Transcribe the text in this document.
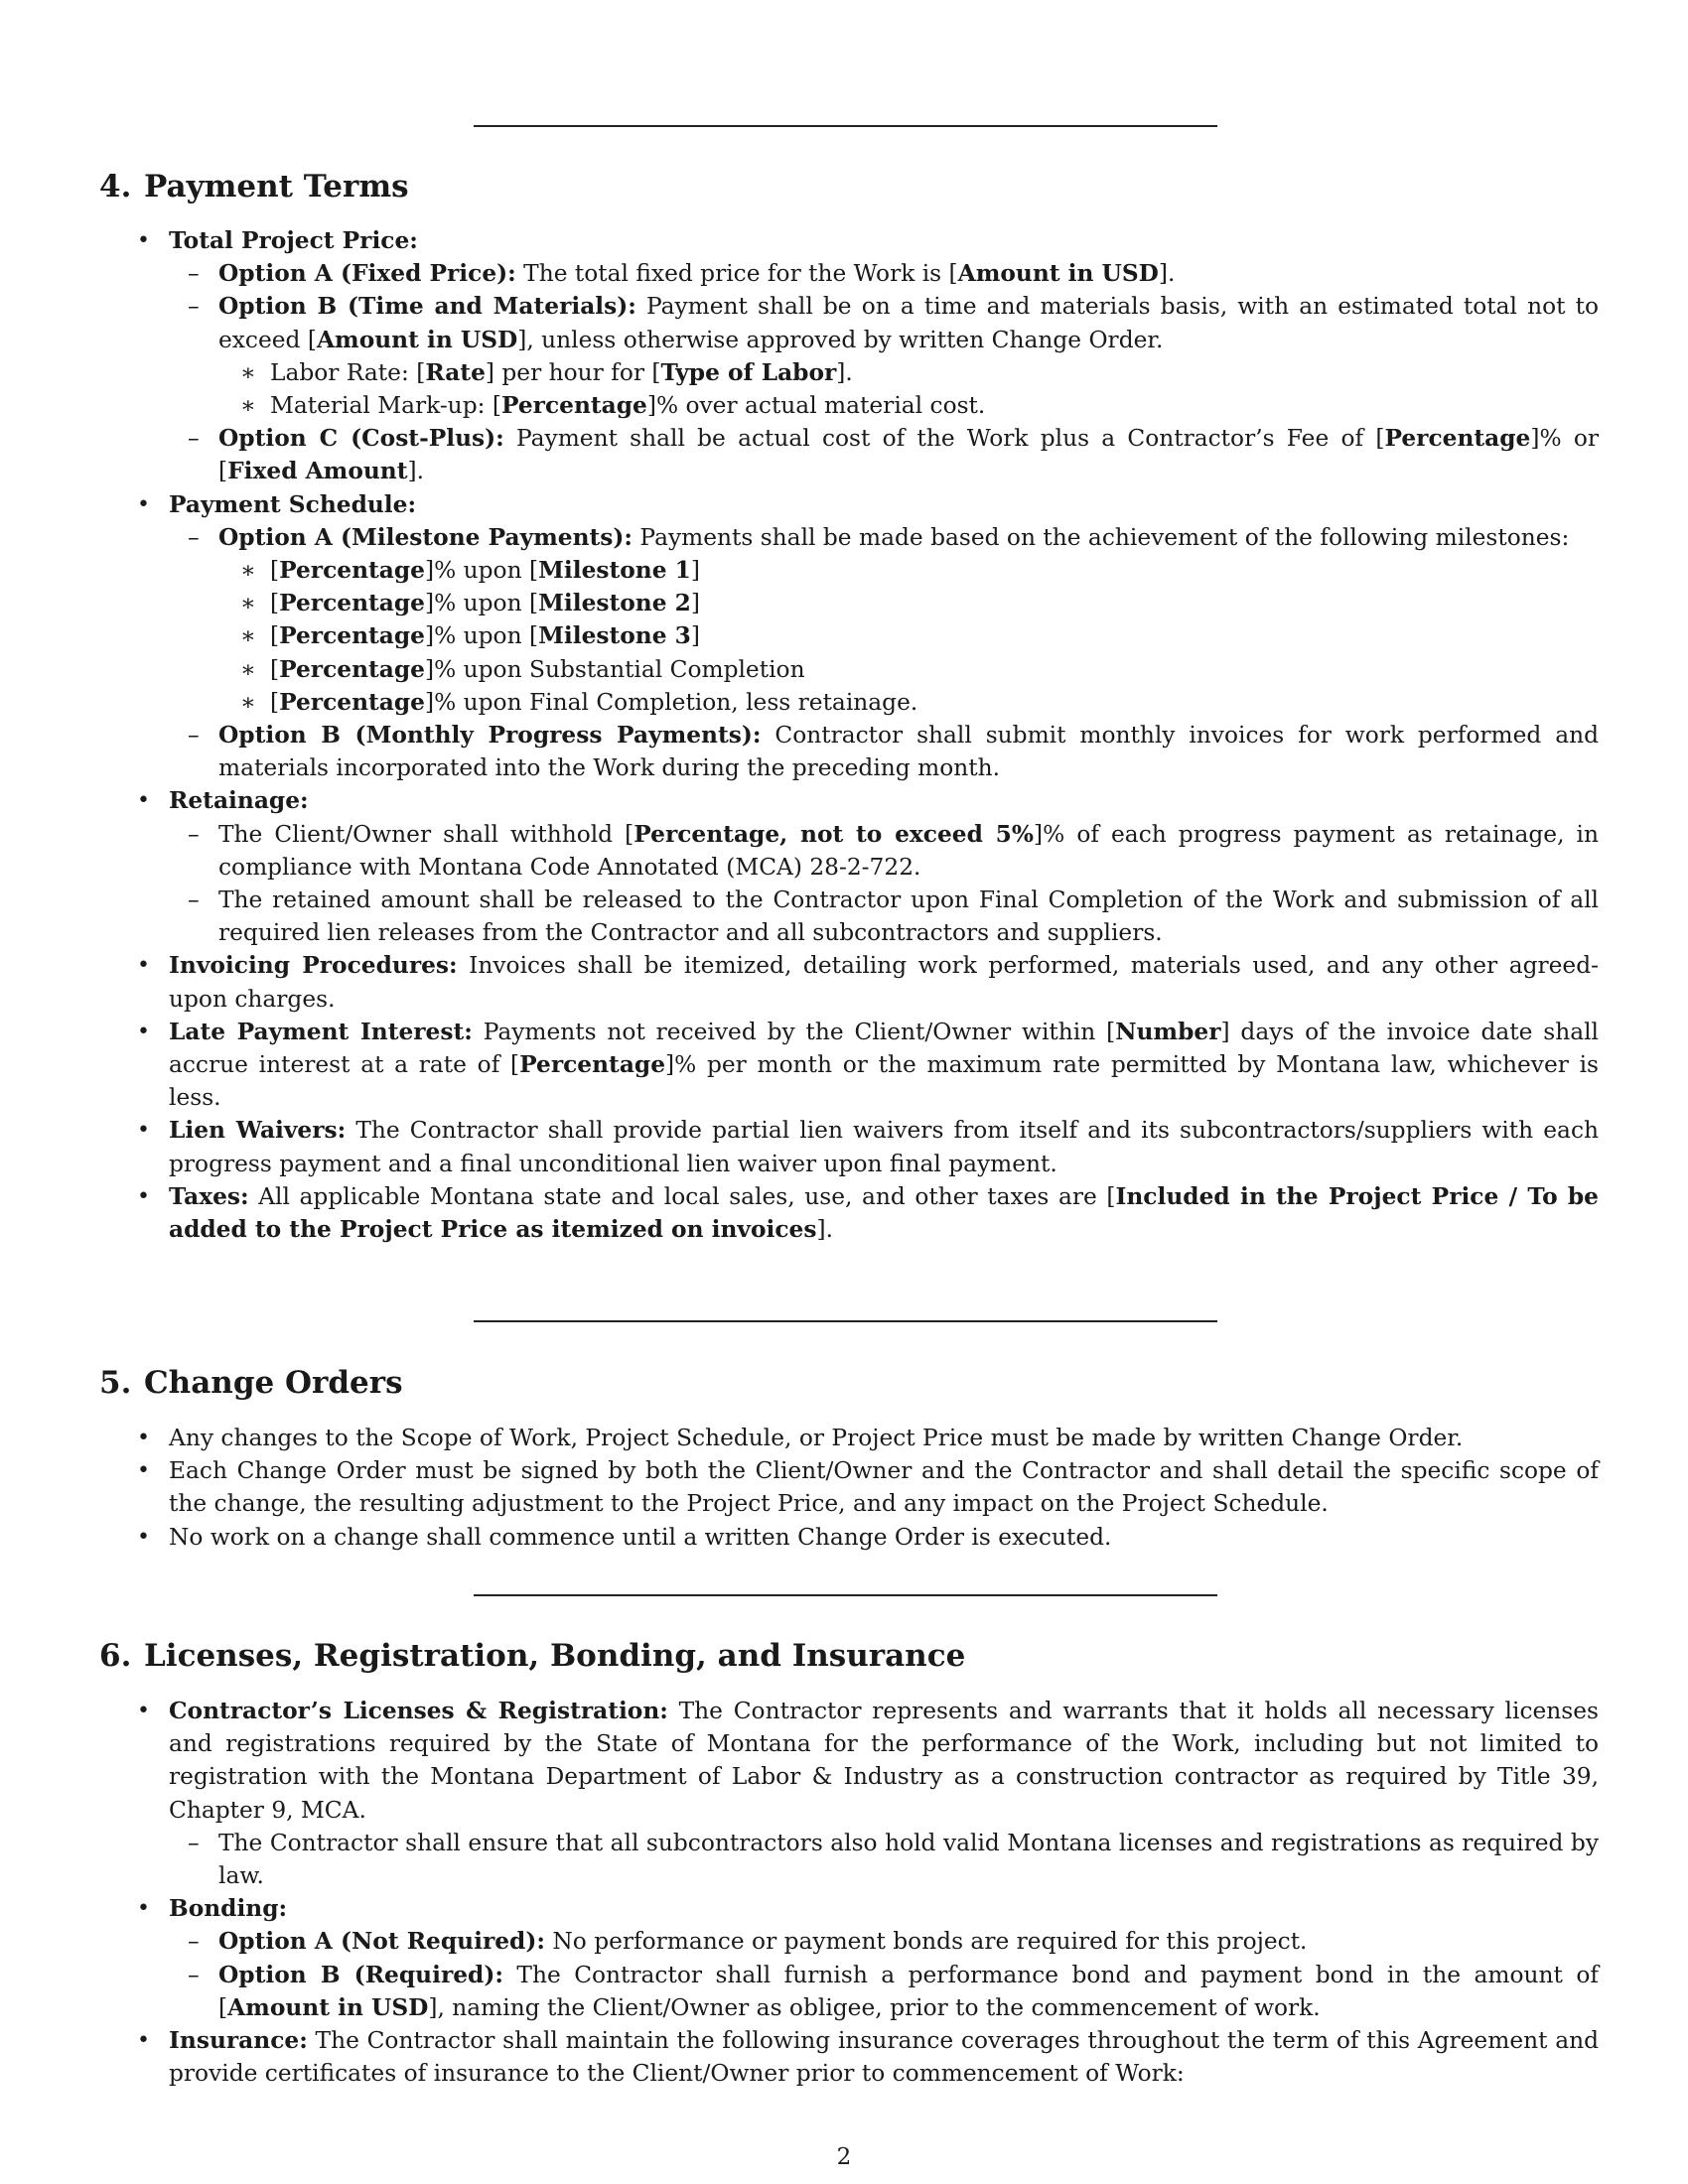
4. Payment Terms
• Total Project Price:
– Option A (Fixed Price): The total fixed price for the Work is [Amount in USD].
– Option B (Time and Materials): Payment shall be on a time and materials basis, with an estimated total not to exceed [Amount in USD], unless otherwise approved by written Change Order.
∗ Labor Rate: [Rate] per hour for [Type of Labor].
∗ Material Mark-up: [Percentage]% over actual material cost.
– Option C (Cost-Plus): Payment shall be actual cost of the Work plus a Contractor’s Fee of [Percentage]% or [Fixed Amount].
• Payment Schedule:
– Option A (Milestone Payments): Payments shall be made based on the achievement of the following milestones:
∗ [Percentage]% upon [Milestone 1]
∗ [Percentage]% upon [Milestone 2]
∗ [Percentage]% upon [Milestone 3]
∗ [Percentage]% upon Substantial Completion
∗ [Percentage]% upon Final Completion, less retainage.
– Option B (Monthly Progress Payments): Contractor shall submit monthly invoices for work performed and materials incorporated into the Work during the preceding month.
• Retainage:
– The Client/Owner shall withhold [Percentage, not to exceed 5%]% of each progress payment as retainage, in compliance with Montana Code Annotated (MCA) 28-2-722.
– The retained amount shall be released to the Contractor upon Final Completion of the Work and submission of all required lien releases from the Contractor and all subcontractors and suppliers.
• Invoicing Procedures: Invoices shall be itemized, detailing work performed, materials used, and any other agreed-upon charges.
• Late Payment Interest: Payments not received by the Client/Owner within [Number] days of the invoice date shall accrue interest at a rate of [Percentage]% per month or the maximum rate permitted by Montana law, whichever is less.
• Lien Waivers: The Contractor shall provide partial lien waivers from itself and its subcontractors/suppliers with each progress payment and a final unconditional lien waiver upon final payment.
• Taxes: All applicable Montana state and local sales, use, and other taxes are [Included in the Project Price / To be added to the Project Price as itemized on invoices].
5. Change Orders
• Any changes to the Scope of Work, Project Schedule, or Project Price must be made by written Change Order.
• Each Change Order must be signed by both the Client/Owner and the Contractor and shall detail the specific scope of the change, the resulting adjustment to the Project Price, and any impact on the Project Schedule.
• No work on a change shall commence until a written Change Order is executed.
6. Licenses, Registration, Bonding, and Insurance
• Contractor’s Licenses & Registration: The Contractor represents and warrants that it holds all necessary licenses and registrations required by the State of Montana for the performance of the Work, including but not limited to registration with the Montana Department of Labor & Industry as a construction contractor as required by Title 39, Chapter 9, MCA.
– The Contractor shall ensure that all subcontractors also hold valid Montana licenses and registrations as required by law.
• Bonding:
– Option A (Not Required): No performance or payment bonds are required for this project.
– Option B (Required): The Contractor shall furnish a performance bond and payment bond in the amount of [Amount in USD], naming the Client/Owner as obligee, prior to the commencement of work.
• Insurance: The Contractor shall maintain the following insurance coverages throughout the term of this Agreement and provide certificates of insurance to the Client/Owner prior to commencement of Work:
2
